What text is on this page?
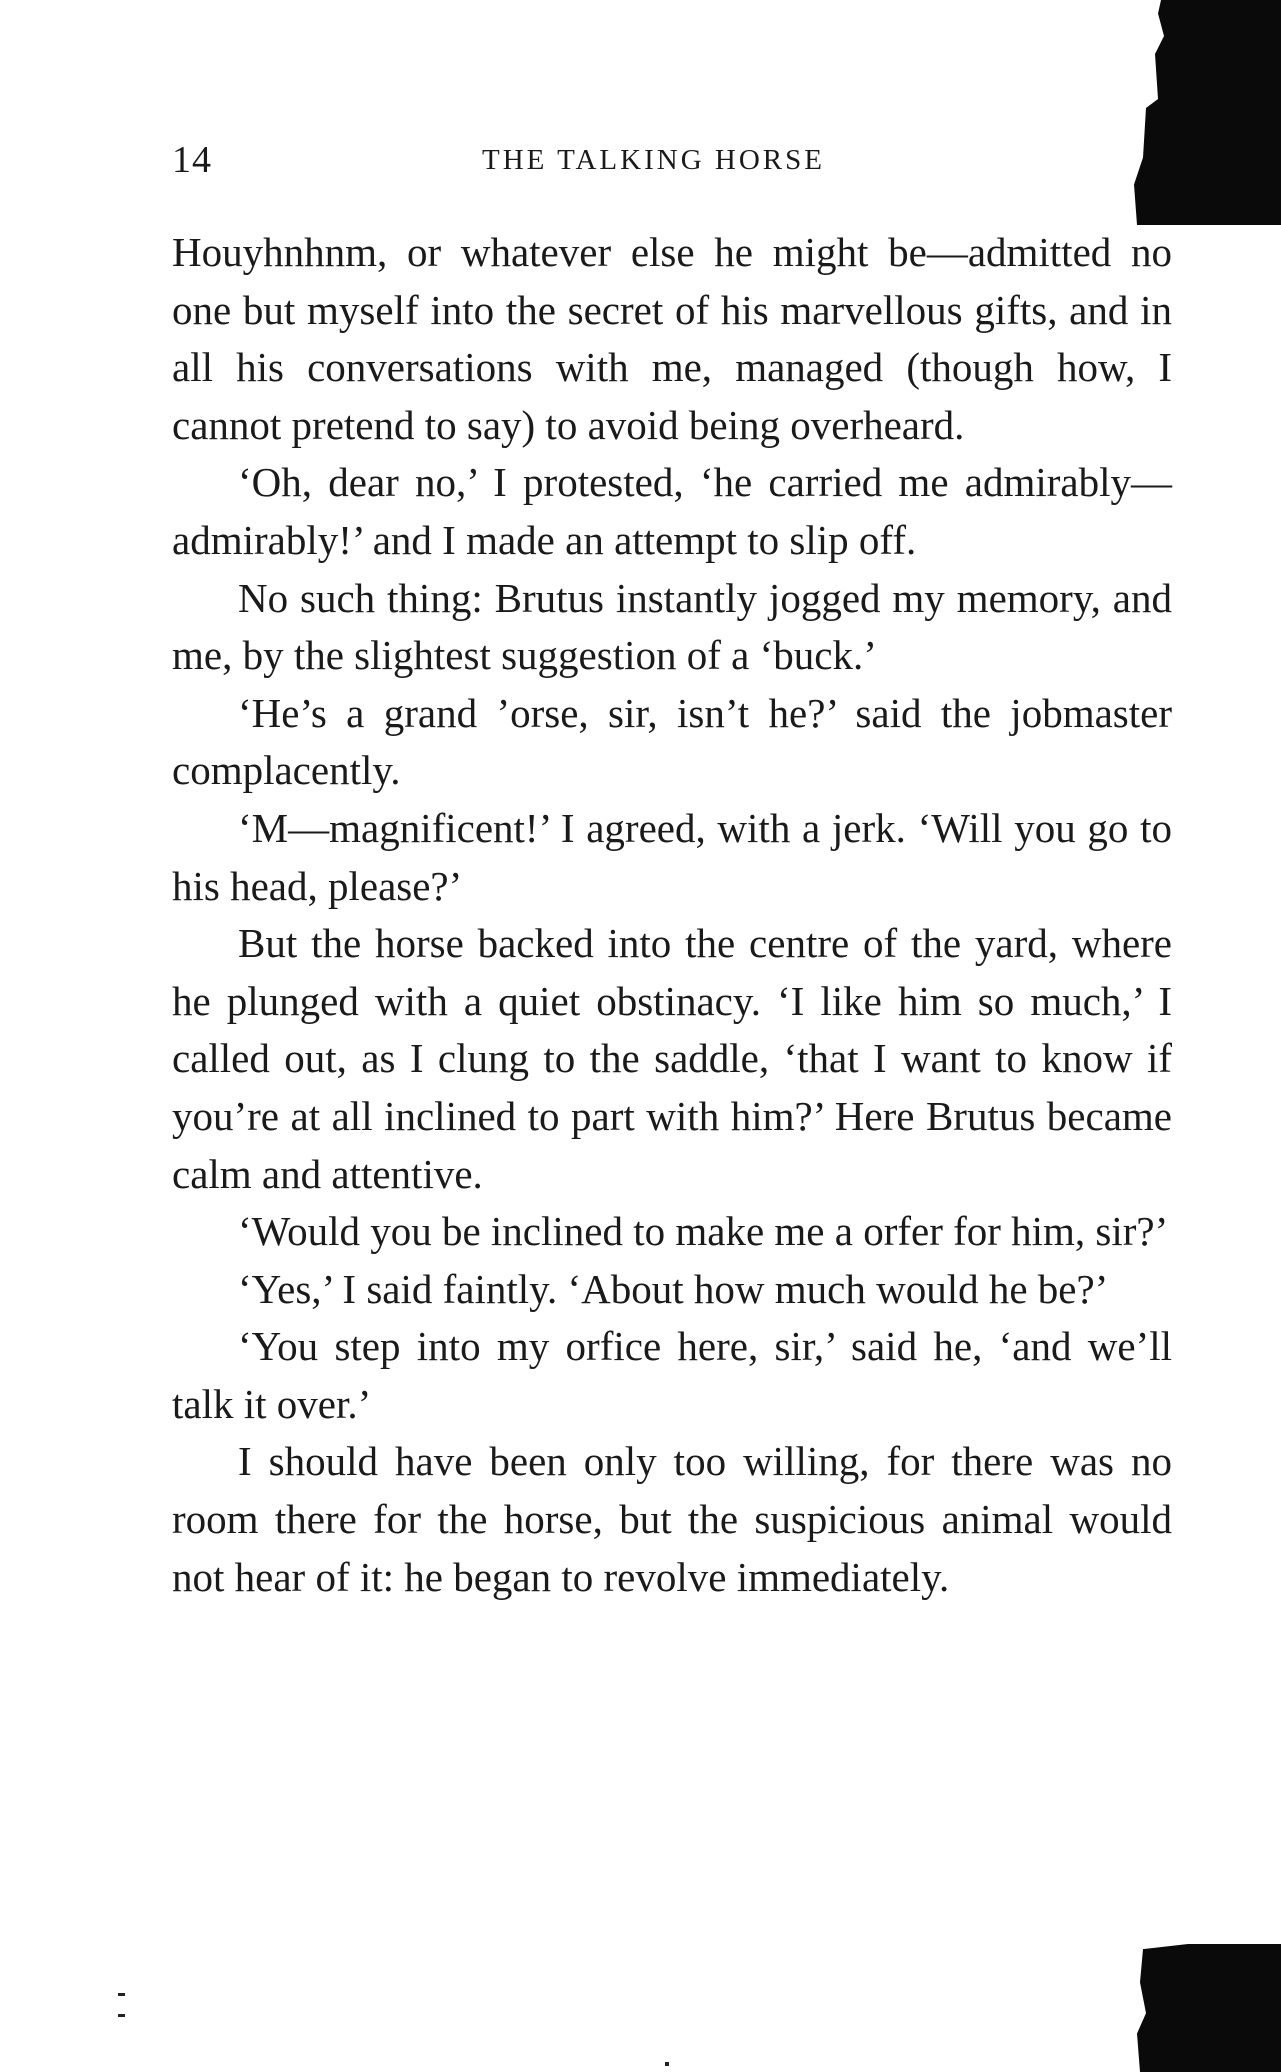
14	THE TALKING HORSE

Houyhnhnm, or whatever else he might be—admitted no one but myself into the secret of his marvellous gifts, and in all his conversations with me, managed (though how, I cannot pretend to say) to avoid being overheard.

‘Oh, dear no,’ I protested, ‘he carried me admirably—admirably!’ and I made an attempt to slip off.

No such thing: Brutus instantly jogged my memory, and me, by the slightest suggestion of a ‘buck.’

‘He’s a grand ’orse, sir, isn’t he?’ said the jobmaster complacently.

‘M—magnificent!’ I agreed, with a jerk. ‘Will you go to his head, please?’

But the horse backed into the centre of the yard, where he plunged with a quiet obstinacy. ‘I like him so much,’ I called out, as I clung to the saddle, ‘that I want to know if you’re at all inclined to part with him?’ Here Brutus became calm and attentive.

‘Would you be inclined to make me a orfer for him, sir?’

‘Yes,’ I said faintly. ‘About how much would he be?’

‘You step into my orfice here, sir,’ said he, ‘and we’ll talk it over.’

I should have been only too willing, for there was no room there for the horse, but the suspicious animal would not hear of it: he began to revolve immediately.
